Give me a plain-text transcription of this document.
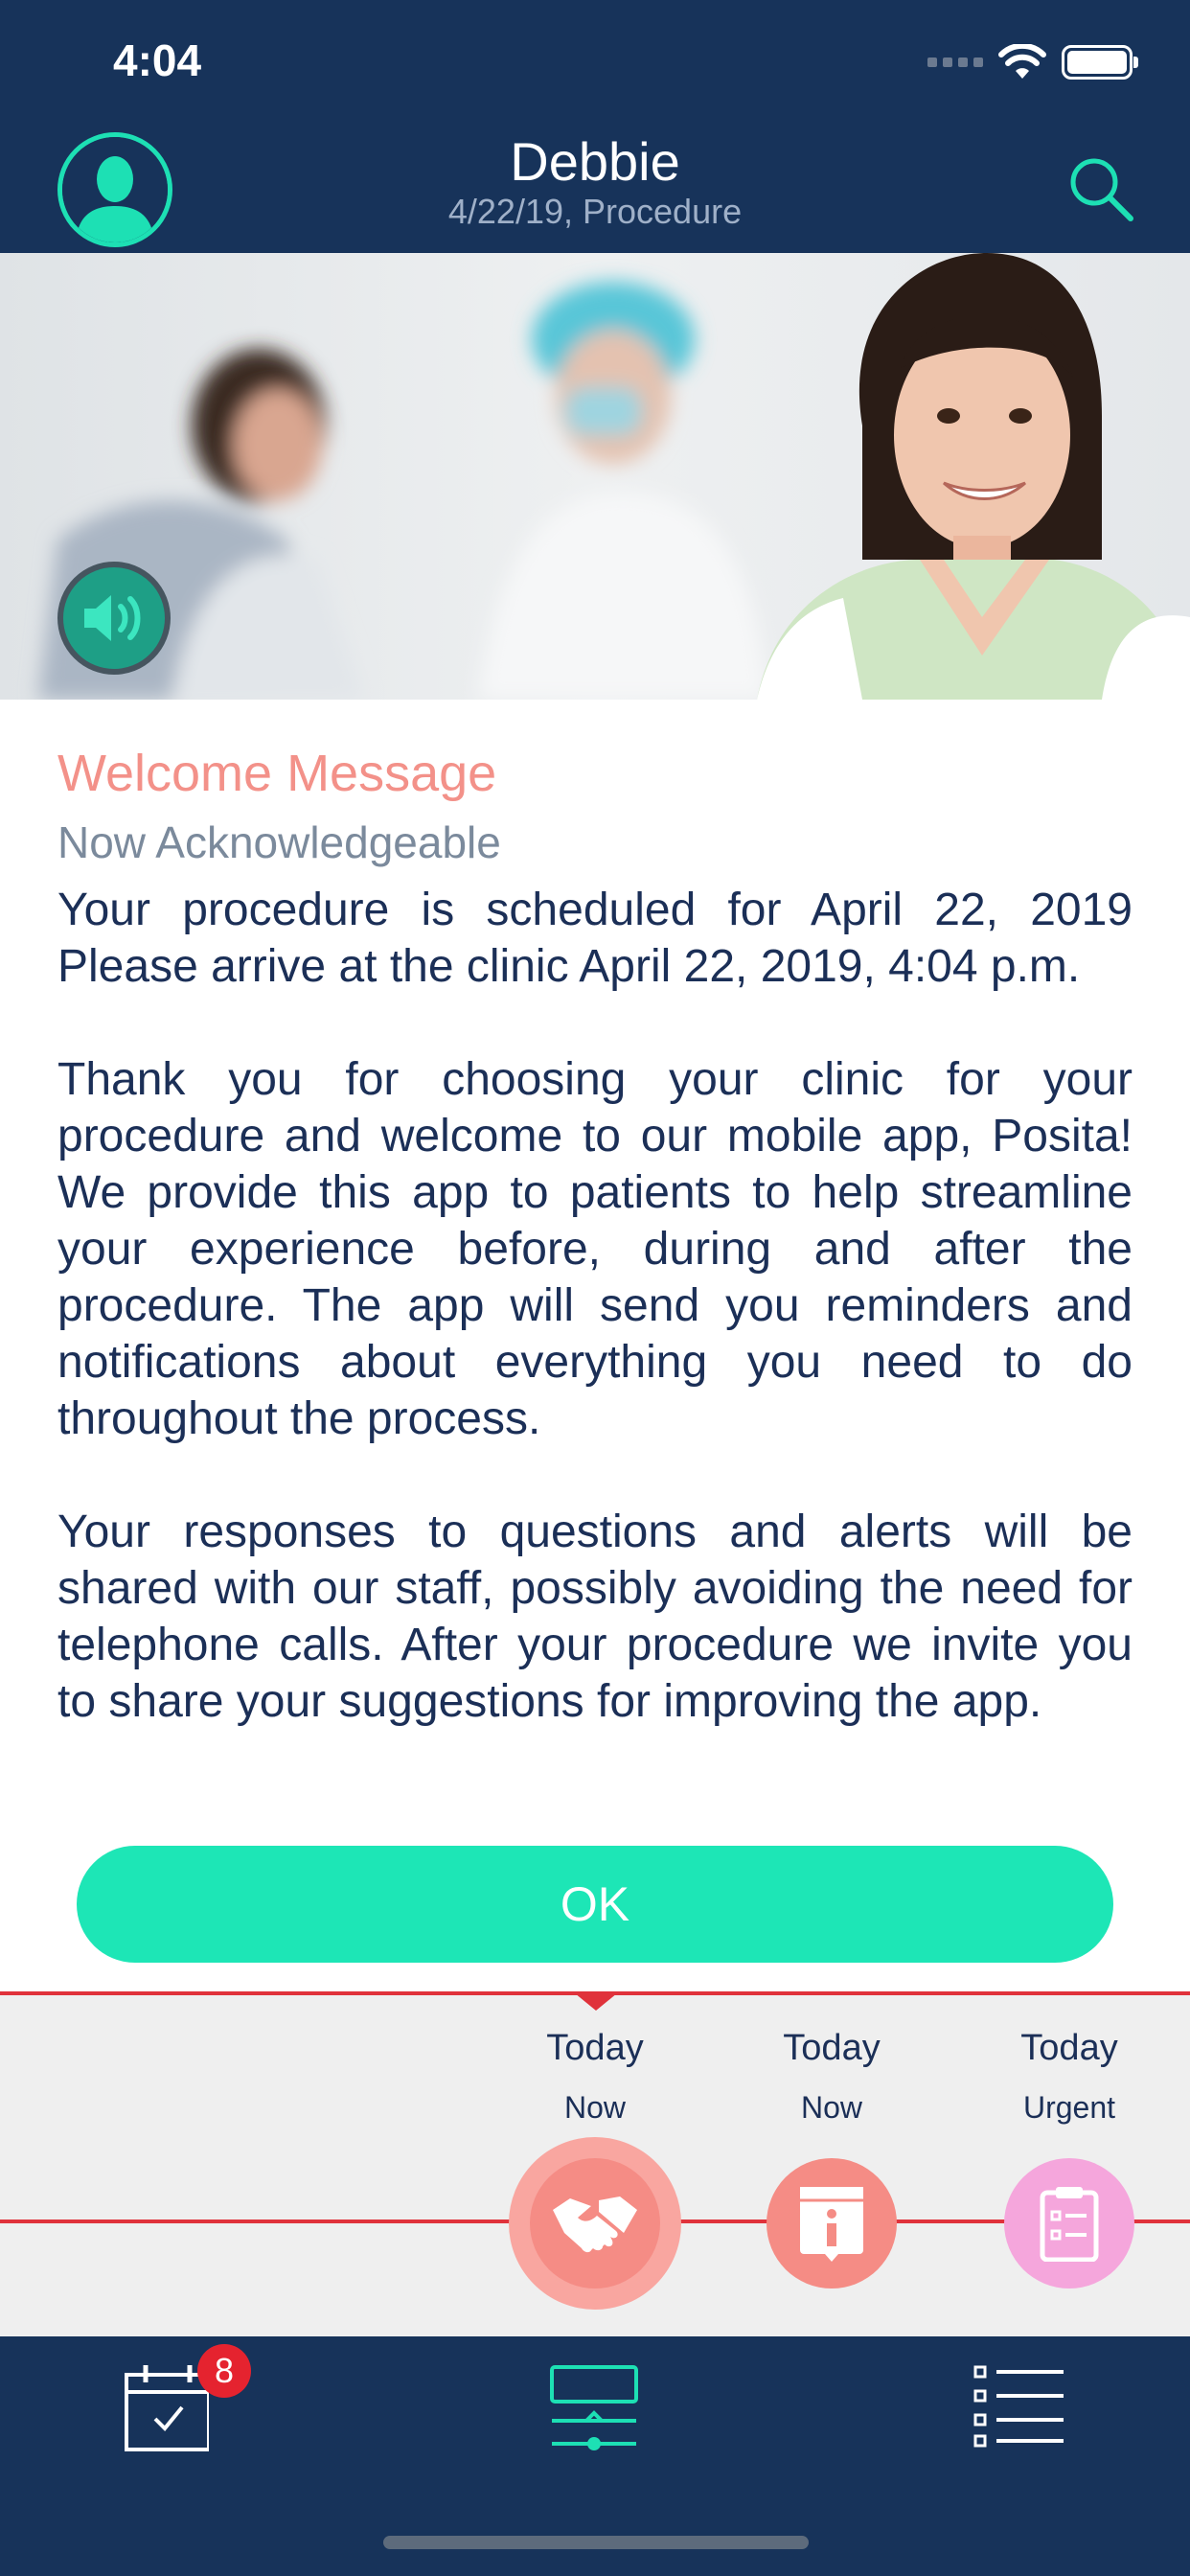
4:04
Debbie
4/22/19, Procedure
Welcome Message
Now Acknowledgeable

Your procedure is scheduled for April 22, 2019 Please arrive at the clinic April 22, 2019, 4:04 p.m.

Thank you for choosing your clinic for your procedure and welcome to our mobile app, Posita! We provide this app to patients to help streamline your experience before, during and after the procedure. The app will send you reminders and notifications about everything you need to do throughout the process.

Your responses to questions and alerts will be shared with our staff, possibly avoiding the need for telephone calls. After your procedure we invite you to share your suggestions for improving the app.

OK
Today
Now
Today
Now
Today
Urgent
8
